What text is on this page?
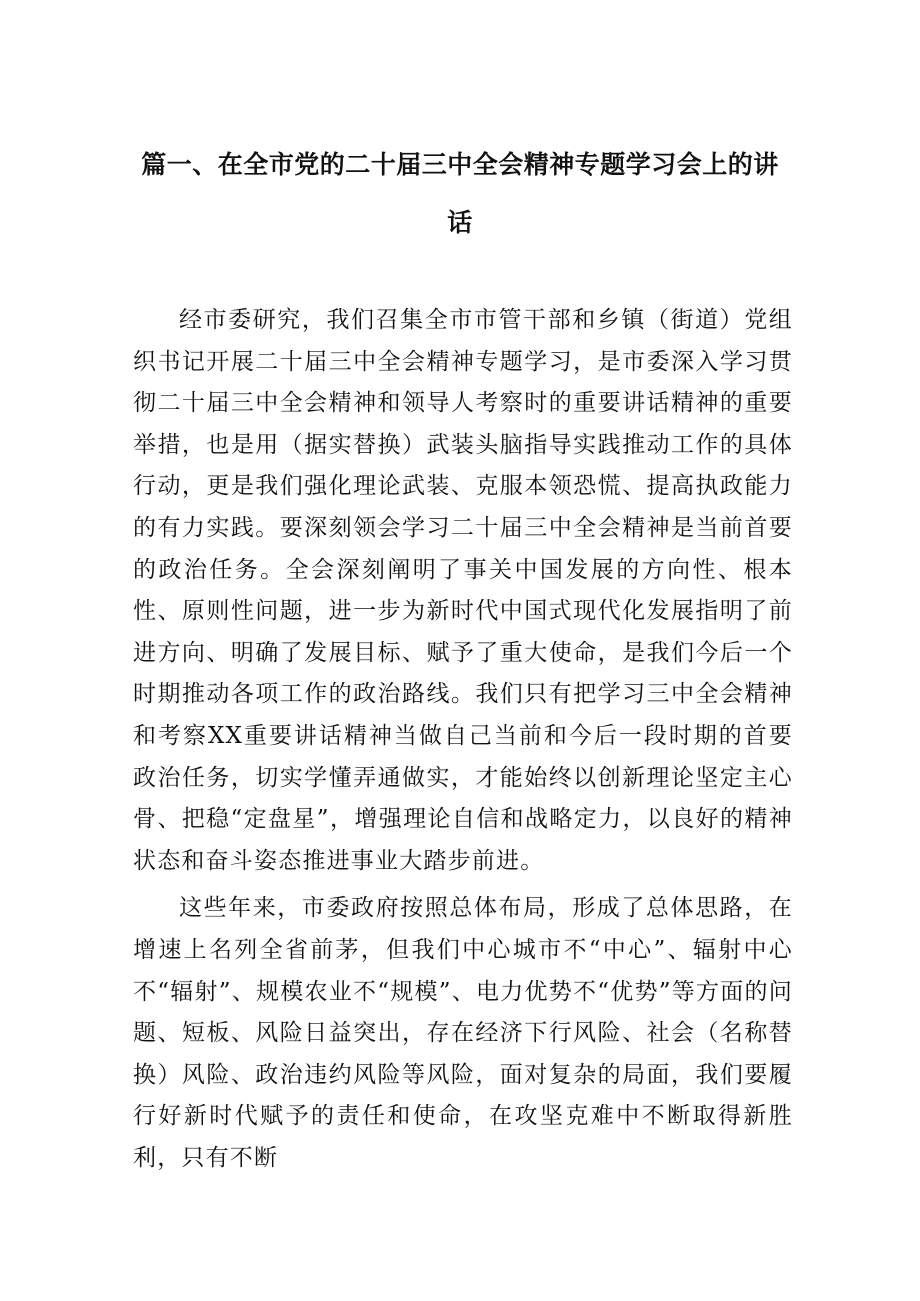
篇一、在全市党的二十届三中全会精神专题学习会上的讲话

经市委研究，我们召集全市市管干部和乡镇（街道）党组织书记开展二十届三中全会精神专题学习，是市委深入学习贯彻二十届三中全会精神和领导人考察时的重要讲话精神的重要举措，也是用（据实替换）武装头脑指导实践推动工作的具体行动，更是我们强化理论武装、克服本领恐慌、提高执政能力的有力实践。要深刻领会学习二十届三中全会精神是当前首要的政治任务。全会深刻阐明了事关中国发展的方向性、根本性、原则性问题，进一步为新时代中国式现代化发展指明了前进方向、明确了发展目标、赋予了重大使命，是我们今后一个时期推动各项工作的政治路线。我们只有把学习三中全会精神和考察XX重要讲话精神当做自己当前和今后一段时期的首要政治任务，切实学懂弄通做实，才能始终以创新理论坚定主心骨、把稳“定盘星”，增强理论自信和战略定力，以良好的精神状态和奋斗姿态推进事业大踏步前进。

这些年来，市委政府按照总体布局，形成了总体思路，在增速上名列全省前茅，但我们中心城市不“中心”、辐射中心不“辐射”、规模农业不“规模”、电力优势不“优势”等方面的问题、短板、风险日益突出，存在经济下行风险、社会（名称替换）风险、政治违约风险等风险，面对复杂的局面，我们要履行好新时代赋予的责任和使命，在攻坚克难中不断取得新胜利，只有不断
